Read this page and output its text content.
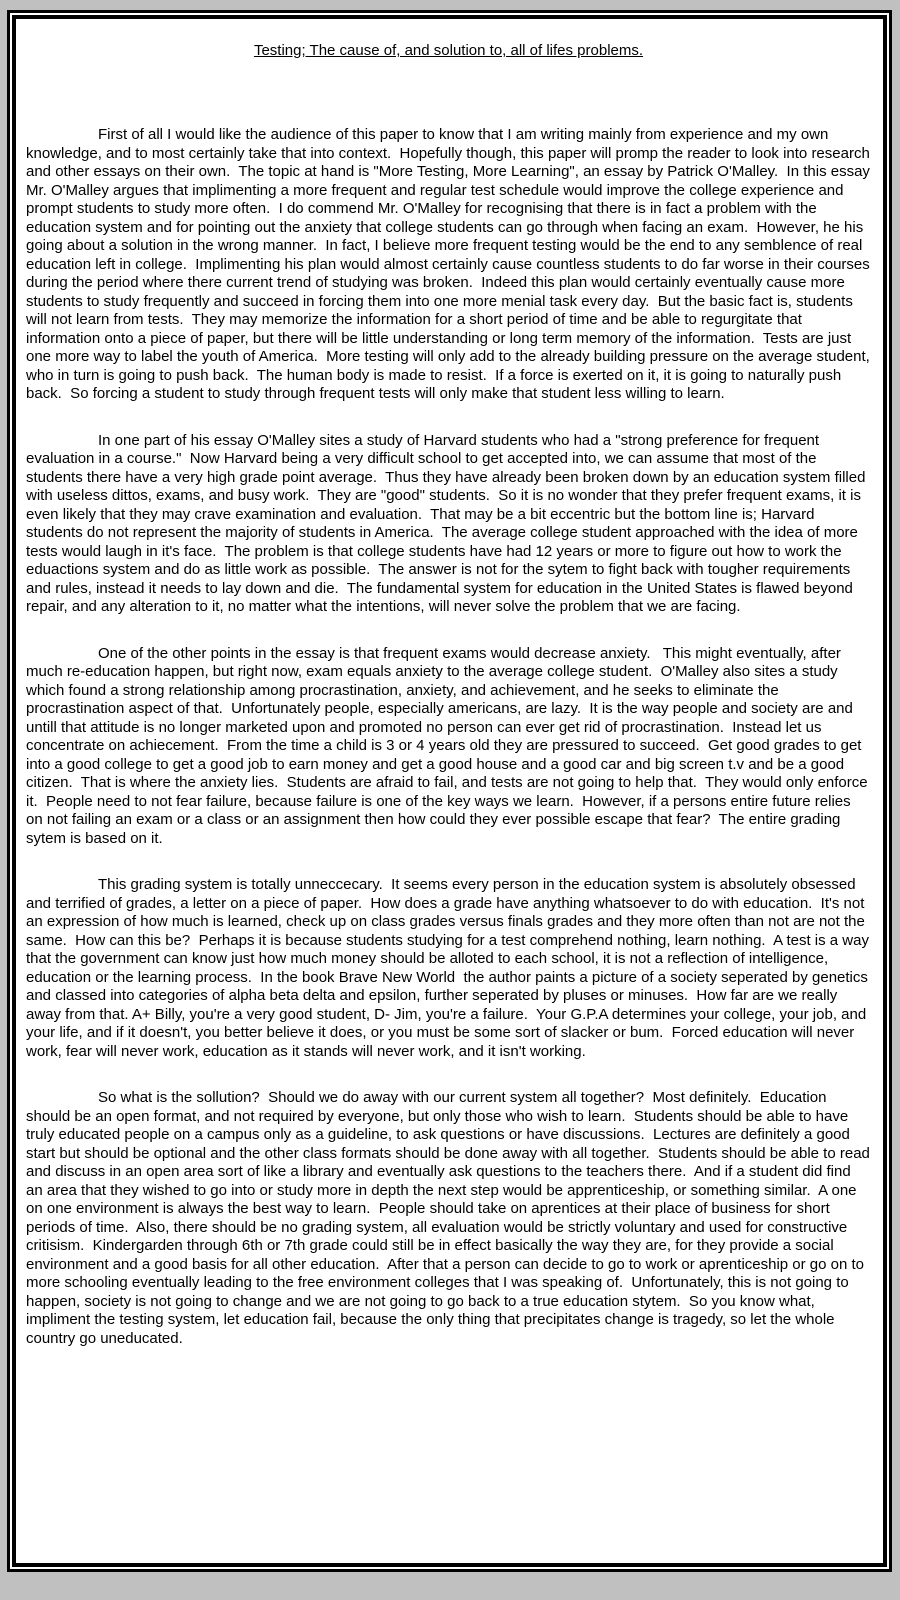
Testing; The cause of, and solution to, all of lifes problems.

First of all I would like the audience of this paper to know that I am writing mainly from experience and my own knowledge, and to most certainly take that into context.  Hopefully though, this paper will promp the reader to look into research and other essays on their own.  The topic at hand is "More Testing, More Learning", an essay by Patrick O'Malley.  In this essay Mr. O'Malley argues that implimenting a more frequent and regular test schedule would improve the college experience and prompt students to study more often.  I do commend Mr. O'Malley for recognising that there is in fact a problem with the education system and for pointing out the anxiety that college students can go through when facing an exam.  However, he his going about a solution in the wrong manner.  In fact, I believe more frequent testing would be the end to any semblence of real education left in college.  Implimenting his plan would almost certainly cause countless students to do far worse in their courses during the period where there current trend of studying was broken.  Indeed this plan would certainly eventually cause more students to study frequently and succeed in forcing them into one more menial task every day.  But the basic fact is, students will not learn from tests.  They may memorize the information for a short period of time and be able to regurgitate that information onto a piece of paper, but there will be little understanding or long term memory of the information.  Tests are just one more way to label the youth of America.  More testing will only add to the already building pressure on the average student, who in turn is going to push back.  The human body is made to resist.  If a force is exerted on it, it is going to naturally push back.  So forcing a student to study through frequent tests will only make that student less willing to learn.

In one part of his essay O'Malley sites a study of Harvard students who had a "strong preference for frequent evaluation in a course."  Now Harvard being a very difficult school to get accepted into, we can assume that most of the students there have a very high grade point average.  Thus they have already been broken down by an education system filled with useless dittos, exams, and busy work.  They are "good" students.  So it is no wonder that they prefer frequent exams, it is even likely that they may crave examination and evaluation.  That may be a bit eccentric but the bottom line is; Harvard students do not represent the majority of students in America.  The average college student approached with the idea of more tests would laugh in it's face.  The problem is that college students have had 12 years or more to figure out how to work the eduactions system and do as little work as possible.  The answer is not for the sytem to fight back with tougher requirements and rules, instead it needs to lay down and die.  The fundamental system for education in the United States is flawed beyond repair, and any alteration to it, no matter what the intentions, will never solve the problem that we are facing.

One of the other points in the essay is that frequent exams would decrease anxiety.   This might eventually, after much re-education happen, but right now, exam equals anxiety to the average college student.  O'Malley also sites a study which found a strong relationship among procrastination, anxiety, and achievement, and he seeks to eliminate the procrastination aspect of that.  Unfortunately people, especially americans, are lazy.  It is the way people and society are and untill that attitude is no longer marketed upon and promoted no person can ever get rid of procrastination.  Instead let us concentrate on achiecement.  From the time a child is 3 or 4 years old they are pressured to succeed.  Get good grades to get into a good college to get a good job to earn money and get a good house and a good car and big screen t.v and be a good citizen.  That is where the anxiety lies.  Students are afraid to fail, and tests are not going to help that.  They would only enforce it.  People need to not fear failure, because failure is one of the key ways we learn.  However, if a persons entire future relies on not failing an exam or a class or an assignment then how could they ever possible escape that fear?  The entire grading sytem is based on it.

This grading system is totally unneccecary.  It seems every person in the education system is absolutely obsessed and terrified of grades, a letter on a piece of paper.  How does a grade have anything whatsoever to do with education.  It's not an expression of how much is learned, check up on class grades versus finals grades and they more often than not are not the same.  How can this be?  Perhaps it is because students studying for a test comprehend nothing, learn nothing.  A test is a way that the government can know just how much money should be alloted to each school, it is not a reflection of intelligence, education or the learning process.  In the book Brave New World  the author paints a picture of a society seperated by genetics and classed into categories of alpha beta delta and epsilon, further seperated by pluses or minuses.  How far are we really away from that. A+ Billy, you're a very good student, D- Jim, you're a failure.  Your G.P.A determines your college, your job, and your life, and if it doesn't, you better believe it does, or you must be some sort of slacker or bum.  Forced education will never work, fear will never work, education as it stands will never work, and it isn't working.

So what is the sollution?  Should we do away with our current system all together?  Most definitely.  Education should be an open format, and not required by everyone, but only those who wish to learn.  Students should be able to have truly educated people on a campus only as a guideline, to ask questions or have discussions.  Lectures are definitely a good start but should be optional and the other class formats should be done away with all together.  Students should be able to read and discuss in an open area sort of like a library and eventually ask questions to the teachers there.  And if a student did find an area that they wished to go into or study more in depth the next step would be apprenticeship, or something similar.  A one on one environment is always the best way to learn.  People should take on aprentices at their place of business for short periods of time.  Also, there should be no grading system, all evaluation would be strictly voluntary and used for constructive critisism.  Kindergarden through 6th or 7th grade could still be in effect basically the way they are, for they provide a social environment and a good basis for all other education.  After that a person can decide to go to work or aprenticeship or go on to more schooling eventually leading to the free environment colleges that I was speaking of.  Unfortunately, this is not going to happen, society is not going to change and we are not going to go back to a true education stytem.  So you know what, impliment the testing system, let education fail, because the only thing that precipitates change is tragedy, so let the whole country go uneducated.
